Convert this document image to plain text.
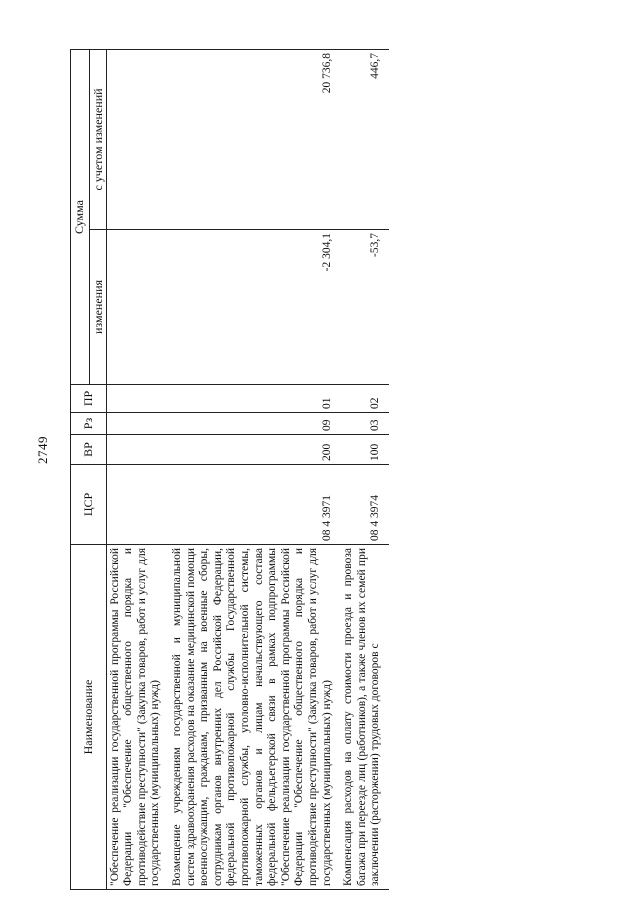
2749
Наименование	ЦСР	ВР	Рз	ПР	Сумма	
					изменения	с учетом изменений
"Обеспечение реализации государственной программы Российской Федерации "Обеспечение общественного порядка и противодействие преступности" (Закупка товаров, работ и услуг для государственных (муниципальных) нужд)						
Возмещение учреждениям государственной и муниципальной систем здравоохранения расходов на оказание медицинской помощи военнослужащим, гражданам, призванным на военные сборы, сотрудникам органов внутренних дел Российской Федерации, федеральной противопожарной службы Государственной противопожарной службы, уголовно-исполнительной системы, таможенных органов и лицам начальствующего состава федеральной фельдъегерской связи в рамках подпрограммы "Обеспечение реализации государственной программы Российской Федерации "Обеспечение общественного порядка и противодействие преступности" (Закупка товаров, работ и услуг для государственных (муниципальных) нужд)	08 4 3971	200	09	01	-2 304,1	20 736,8
Компенсация расходов на оплату стоимости проезда и провоза багажа при переезде лиц (работников), а также членов их семей при заключении (расторжении) трудовых договоров с	08 4 3974	100	03	02	-53,7	446,7
